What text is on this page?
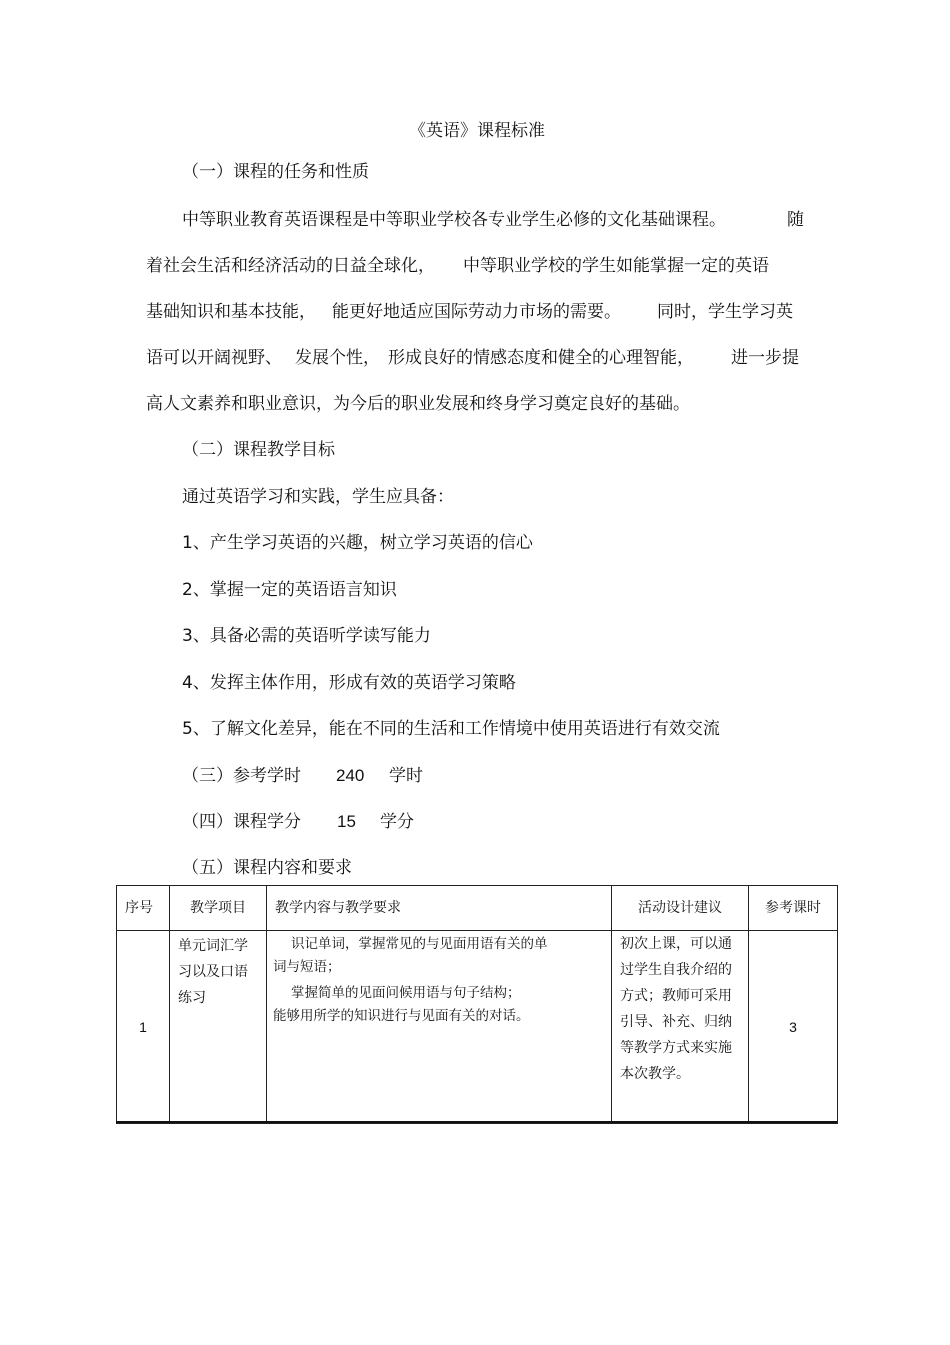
《英语》课程标准
（一）课程的任务和性质
中等职业教育英语课程是中等职业学校各专业学生必修的文化基础课程。	随
着社会生活和经济活动的日益全球化， 中等职业学校的学生如能掌握一定的英语
基础知识和基本技能， 能更好地适应国际劳动力市场的需要。 同时，学生学习英
语可以开阔视野、 发展个性， 形成良好的情感态度和健全的心理智能， 进一步提
高人文素养和职业意识，为今后的职业发展和终身学习奠定良好的基础。
（二）课程教学目标
通过英语学习和实践，学生应具备：
1、产生学习英语的兴趣，树立学习英语的信心
2、掌握一定的英语语言知识
3、具备必需的英语听学读写能力
4、发挥主体作用，形成有效的英语学习策略
5、了解文化差异，能在不同的生活和工作情境中使用英语进行有效交流
（三）参考学时 240 学时
（四）课程学分 15 学分
（五）课程内容和要求
序号	教学项目	教学内容与教学要求	活动设计建议	参考课时
1	单元词汇学习以及口语练习	识记单词，掌握常见的与见面用语有关的单
词与短语；
掌握简单的见面问候用语与句子结构；
能够用所学的知识进行与见面有关的对话。	初次上课，可以通过学生自我介绍的方式；教师可采用引导、补充、归纳等教学方式来实施本次教学。	3
